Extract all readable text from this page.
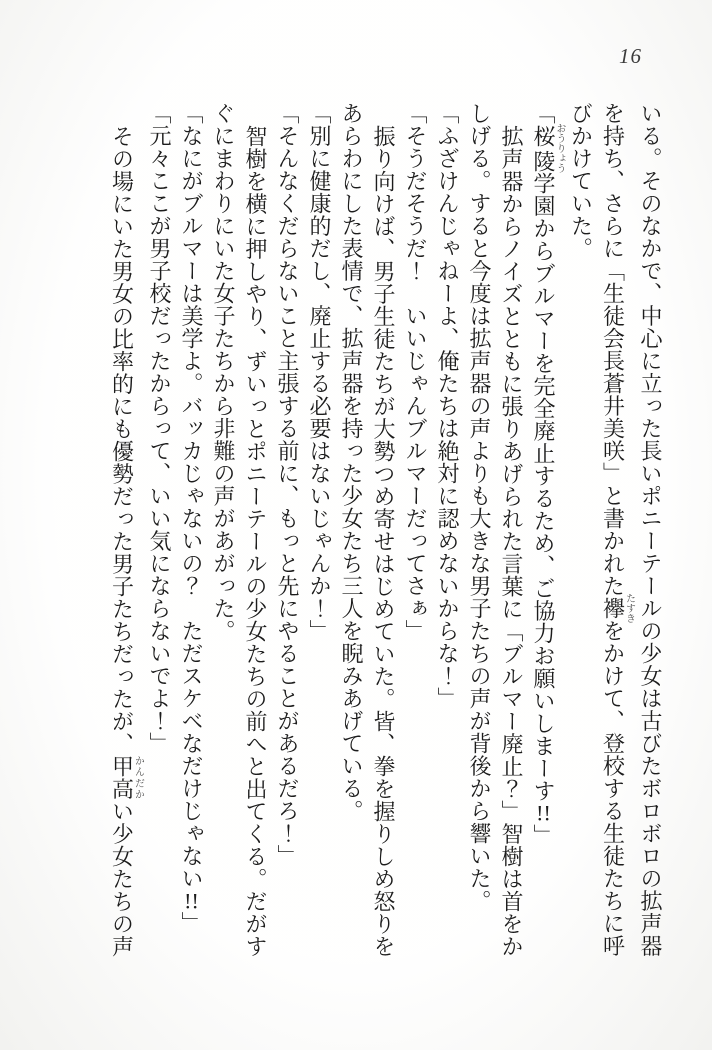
16
いる。そのなかで、中心に立った長いポニーテールの少女は古びたボロボロの拡声器
を持ち、さらに「生徒会長蒼井美咲」と書かれた襷たすきをかけて、登校する生徒たちに呼
びかけていた。
「桜陵おうりょう学園からブルマーを完全廃止するため、ご協力お願いしまーす!!」
拡声器からノイズとともに張りあげられた言葉に「ブルマー廃止？」智樹は首をか
しげる。すると今度は拡声器の声よりも大きな男子たちの声が背後から響いた。
「ふざけんじゃねーよ、俺たちは絶対に認めないからな！」
「そうだそうだ！　いいじゃんブルマーだってさぁ」
振り向けば、男子生徒たちが大勢つめ寄せはじめていた。皆、拳を握りしめ怒りを
あらわにした表情で、拡声器を持った少女たち三人を睨みあげている。
「別に健康的だし、廃止する必要はないじゃんか！」
「そんなくだらないこと主張する前に、もっと先にやることがあるだろ！」
智樹を横に押しやり、ずいっとポニーテールの少女たちの前へと出てくる。だがす
ぐにまわりにいた女子たちから非難の声があがった。
「なにがブルマーは美学よ。バッカじゃないの？　ただスケベなだけじゃない!!」
「元々ここが男子校だったからって、いい気にならないでよ！」
その場にいた男女の比率的にも優勢だった男子たちだったが、甲高かんだかい少女たちの声
